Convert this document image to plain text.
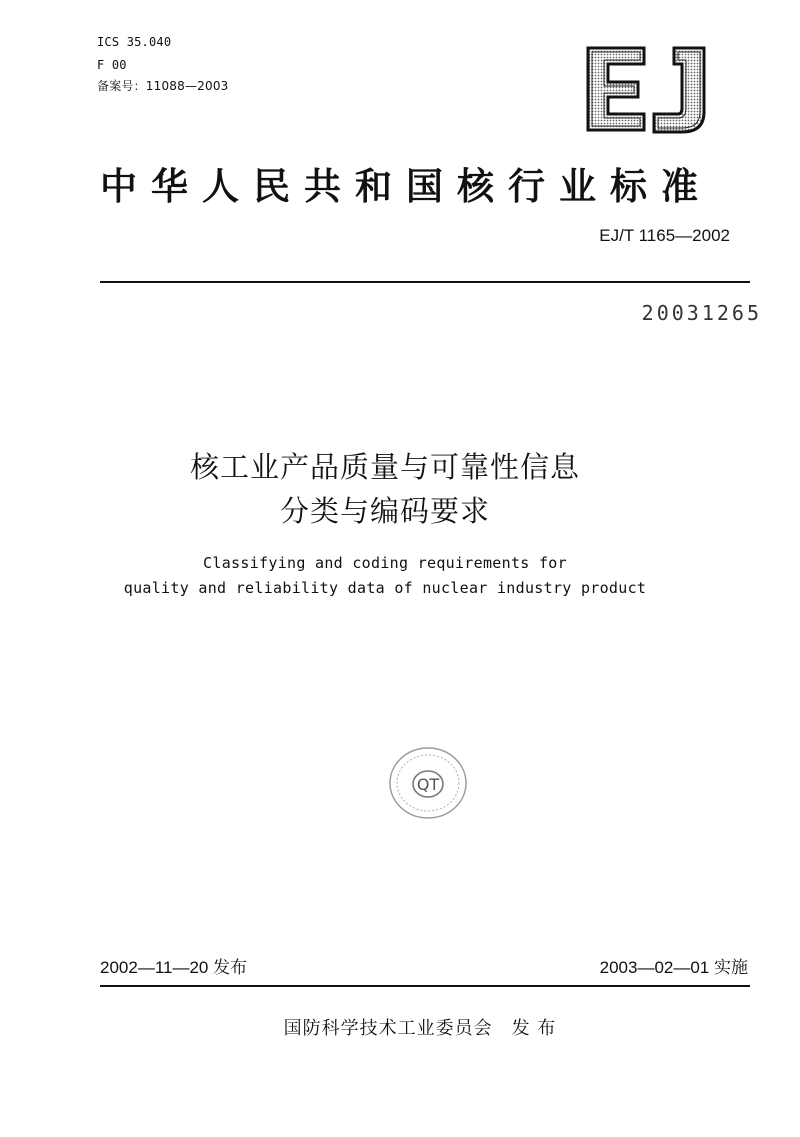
ICS 35.040
F 00
备案号：11088—2003
中华人民共和国核行业标准
EJ/T 1165—2002
20031265
核工业产品质量与可靠性信息
分类与编码要求
Classifying and coding requirements for
quality and reliability data of nuclear industry product
QT
2002—11—20 发布	2003—02—01 实施
国防科学技术工业委员会　发 布
